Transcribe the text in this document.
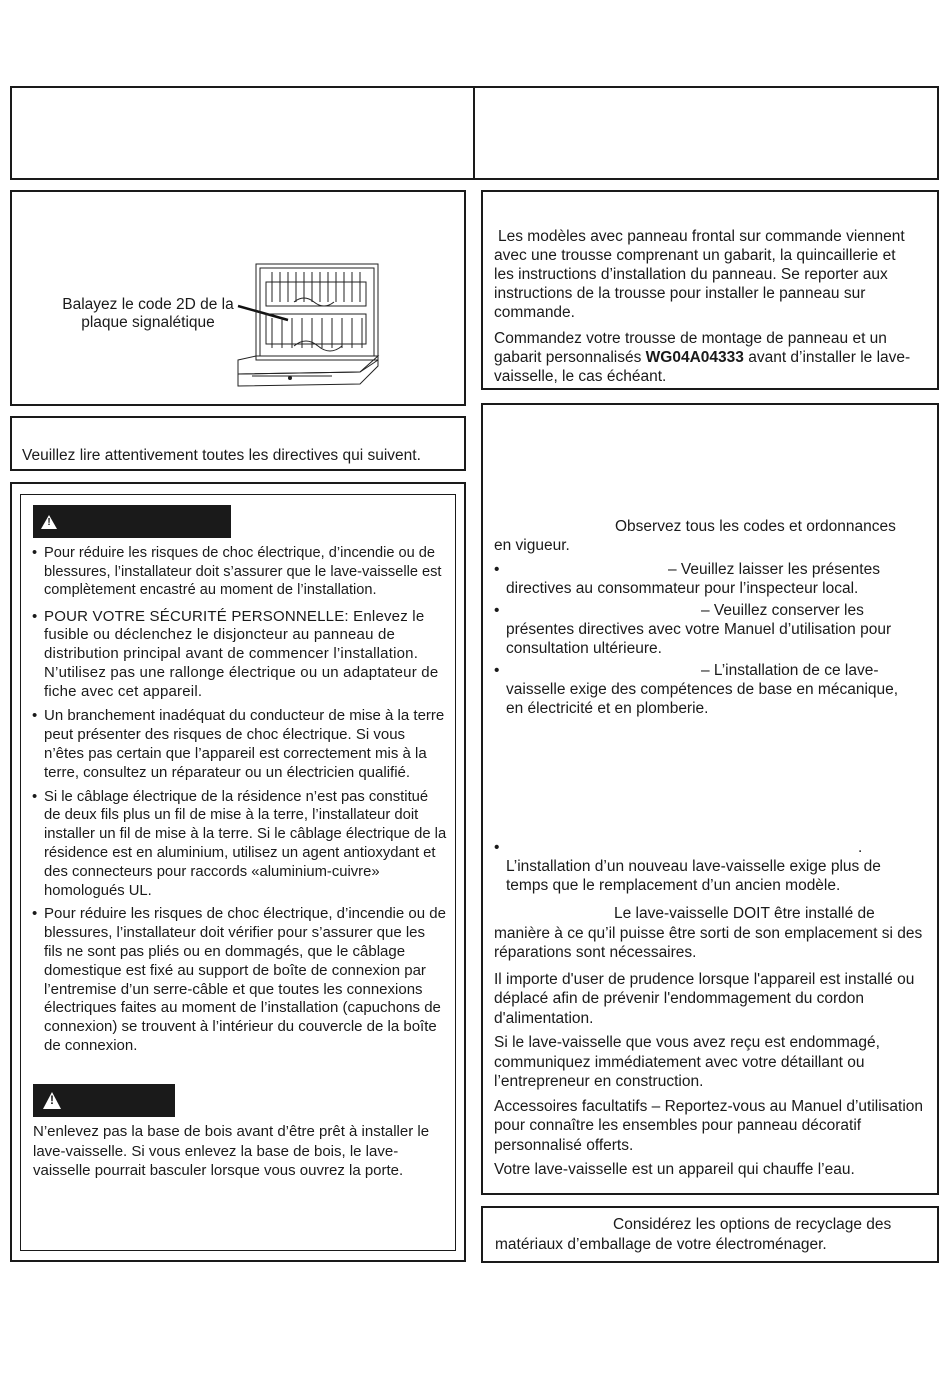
Balayez le code 2D de la plaque signalétique
Veuillez lire attentivement toutes les directives qui suivent.
!

• Pour réduire les risques de choc électrique, d’incendie ou de blessures, l’installateur doit s’assurer que le lave-vaisselle est complètement encastré au moment de l’installation.

• POUR VOTRE SÉCURITÉ PERSONNELLE: Enlevez le fusible ou déclenchez le disjoncteur au panneau de distribution principal avant de commencer l’installation. N’utilisez pas une rallonge électrique ou un adaptateur de fiche avec cet appareil.

• Un branchement inadéquat du conducteur de mise à la terre peut présenter des risques de choc électrique. Si vous n’êtes pas certain que l’appareil est correctement mis à la terre, consultez un réparateur ou un électricien qualifié.

• Si le câblage électrique de la résidence n’est pas constitué de deux fils plus un fil de mise à la terre, l’installateur doit installer un fil de mise à la terre. Si le câblage électrique de la résidence est en aluminium, utilisez un agent antioxydant et des connecteurs pour raccords «aluminium-cuivre» homologués UL.

• Pour réduire les risques de choc électrique, d’incendie ou de blessures, l’installateur doit vérifier pour s’assurer que les fils ne sont pas pliés ou en dommagés, que le câblage domestique est fixé au support de boîte de connexion par l’entremise d’un serre-câble et que toutes les connexions électriques faites au moment de l’installation (capuchons de connexion) se trouvent à l’intérieur du couvercle de la boîte de connexion.

!
N’enlevez pas la base de bois avant d’être prêt à installer le lave-vaisselle. Si vous enlevez la base de bois, le lave-vaisselle pourrait basculer lorsque vous ouvrez la porte.

Les modèles avec panneau frontal sur commande viennent avec une trousse comprenant un gabarit, la quincaillerie et les instructions d’installation du panneau. Se reporter aux instructions de la trousse pour installer le panneau sur commande.

Commandez votre trousse de montage de panneau et un gabarit personnalisés WG04A04333 avant d’installer le lave-vaisselle, le cas échéant.

Observez tous les codes et ordonnances en vigueur.

• – Veuillez laisser les présentes directives au consommateur pour l’inspecteur local.

• – Veuillez conserver les présentes directives avec votre Manuel d’utilisation pour consultation ultérieure.

• – L’installation de ce lave-vaisselle exige des compétences de base en mécanique, en électricité et en plomberie.

• .
L’installation d’un nouveau lave-vaisselle exige plus de temps que le remplacement d’un ancien modèle.

Le lave-vaisselle DOIT être installé de manière à ce qu’il puisse être sorti de son emplacement si des réparations sont nécessaires.

Il importe d'user de prudence lorsque l'appareil est installé ou déplacé afin de prévenir l'endommagement du cordon d'alimentation.

Si le lave-vaisselle que vous avez reçu est endommagé, communiquez immédiatement avec votre détaillant ou l’entrepreneur en construction.

Accessoires facultatifs – Reportez-vous au Manuel d’utilisation pour connaître les ensembles pour panneau décoratif personnalisé offerts.

Votre lave-vaisselle est un appareil qui chauffe l’eau.

Considérez les options de recyclage des matériaux d’emballage de votre électroménager.
